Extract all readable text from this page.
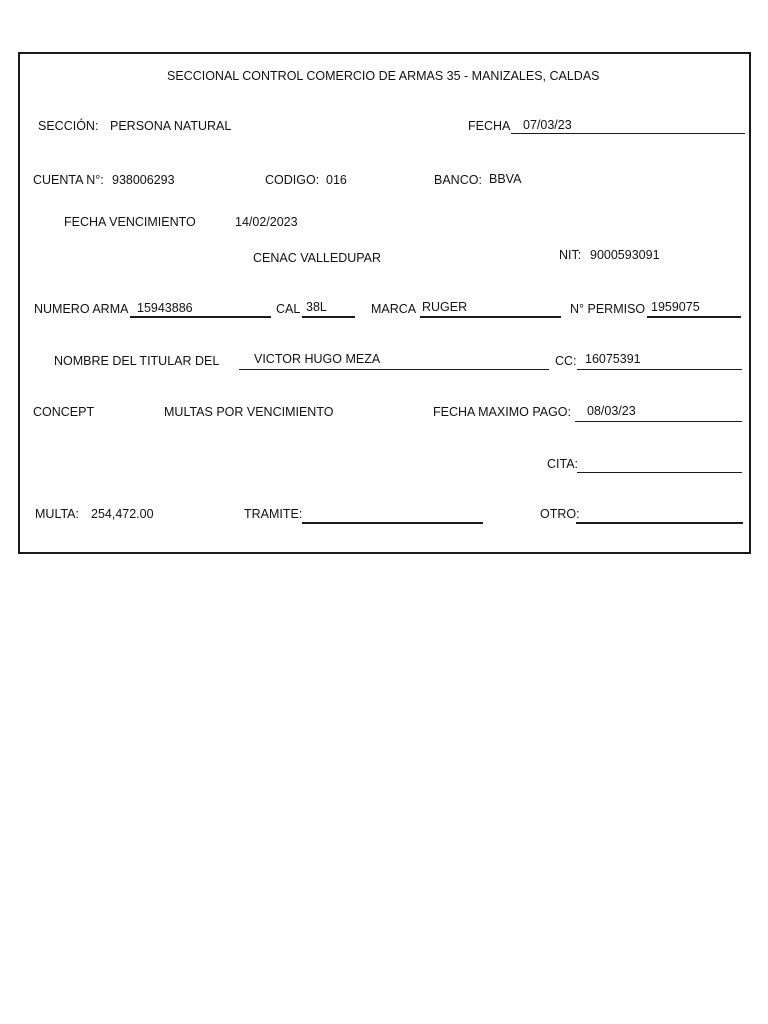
SECCIONAL CONTROL COMERCIO DE ARMAS 35 - MANIZALES, CALDAS
SECCIÓN: PERSONA NATURAL	FECHA 07/03/23
CUENTA N°: 938006293	CODIGO: 016	BANCO: BBVA
FECHA VENCIMIENTO	14/02/2023
CENAC VALLEDUPAR	NIT: 9000593091
NUMERO ARMA 15943886	CAL 38L	MARCA RUGER	N° PERMISO 1959075
NOMBRE DEL TITULAR DEL	VICTOR HUGO MEZA	CC: 16075391
CONCEPT	MULTAS POR VENCIMIENTO	FECHA MAXIMO PAGO: 08/03/23
CITA:
MULTA: 254,472.00	TRAMITE:	OTRO:
